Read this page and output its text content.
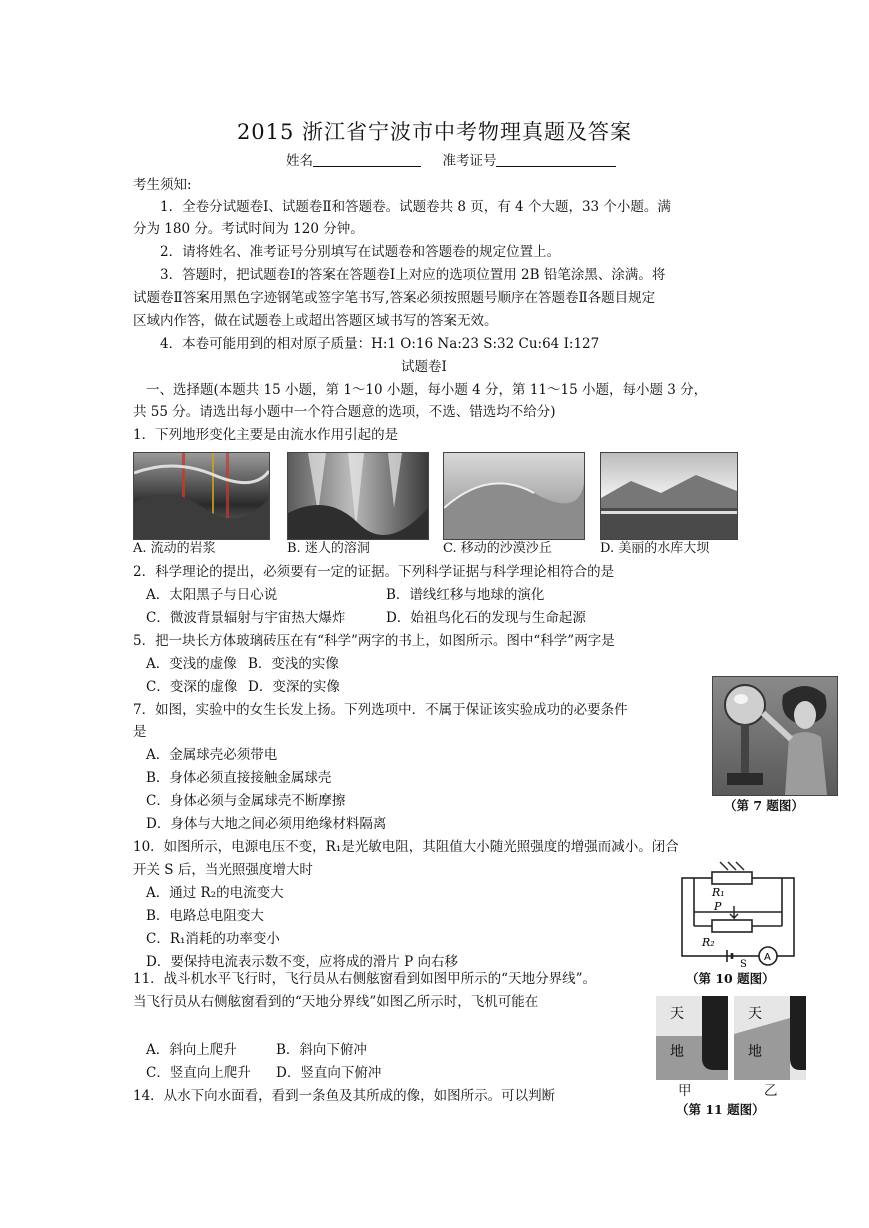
2015 浙江省宁波市中考物理真题及答案
姓名	准考证号
考生须知:
1．全卷分试题卷Ⅰ、试题卷Ⅱ和答题卷。试题卷共 8 页，有 4 个大题，33 个小题。满
分为 180 分。考试时间为 120 分钟。
2．请将姓名、准考证号分别填写在试题卷和答题卷的规定位置上。
3．答题时，把试题卷Ⅰ的答案在答题卷Ⅰ上对应的选项位置用 2B 铅笔涂黑、涂满。将
试题卷Ⅱ答案用黑色字迹钢笔或签字笔书写,答案必须按照题号顺序在答题卷Ⅱ各题目规定
区域内作答，做在试题卷上或超出答题区域书写的答案无效。
4．本卷可能用到的相对原子质量：H:1 O:16 Na:23 S:32 Cu:64 I:127
试题卷Ⅰ
一、选择题(本题共 15 小题，第 1～10 小题，每小题 4 分，第 11～15 小题，每小题 3 分，
共 55 分。请选出每小题中一个符合题意的选项，不选、错选均不给分)
1．下列地形变化主要是由流水作用引起的是
A. 流动的岩浆	B. 迷人的溶洞	C. 移动的沙漠沙丘	D. 美丽的水库大坝
2．科学理论的提出，必须要有一定的证据。下列科学证据与科学理论相符合的是
A．太阳黑子与日心说	B．谱线红移与地球的演化
C．微波背景辐射与宇宙热大爆炸	D．始祖鸟化石的发现与生命起源
5．把一块长方体玻璃砖压在有“科学”两字的书上，如图所示。图中“科学”两字是
A．变浅的虚像 B．变浅的实像
C．变深的虚像 D．变深的实像
7．如图，实验中的女生长发上扬。下列选项中．不属于保证该实验成功的必要条件
是
A．金属球壳必须带电
B．身体必须直接接触金属球壳
C．身体必须与金属球壳不断摩擦
D．身体与大地之间必须用绝缘材料隔离
（第 7 题图）
10．如图所示，电源电压不变，R₁是光敏电阻，其阻值大小随光照强度的增强而减小。闭合
开关 S 后，当光照强度增大时
A．通过 R₂的电流变大
B．电路总电阻变大
C．R₁消耗的功率变小
D．要保持电流表示数不变，应将成的滑片 P 向右移
R₁
P
R₂
A
S
（第 10 题图）
11．战斗机水平飞行时，飞行员从右侧舷窗看到如图甲所示的“天地分界线”。
当飞行员从右侧舷窗看到的“天地分界线”如图乙所示时，飞机可能在
A．斜向上爬升	B．斜向下俯冲
C．竖直向上爬升 D．竖直向下俯冲
天
地
天
地
甲	乙
（第 11 题图）
14．从水下向水面看，看到一条鱼及其所成的像，如图所示。可以判断
